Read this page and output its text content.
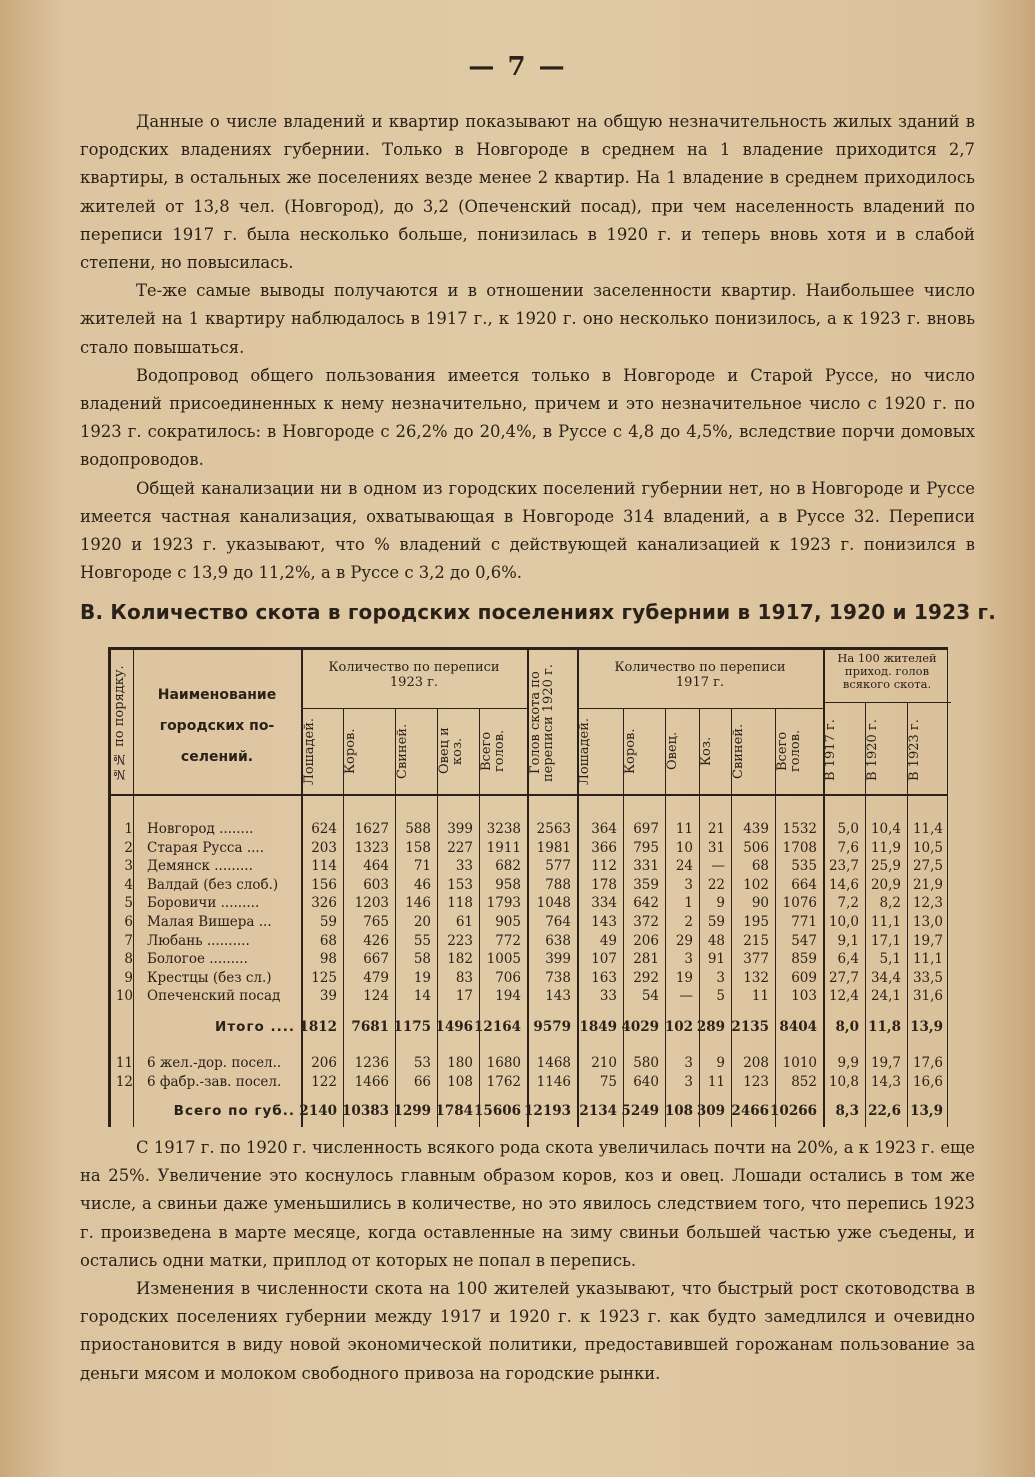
— 7 —

Данные о числе владений и квартир показывают на общую незначительность жилых зданий в городских владениях губернии. Только в Новгороде в среднем на 1 владение приходится 2,7 квартиры, в остальных же поселениях везде менее 2 квартир. На 1 владение в среднем приходилось жителей от 13,8 чел. (Новгород), до 3,2 (Опеченский посад), при чем населенность владений по переписи 1917 г. была несколько больше, понизилась в 1920 г. и теперь вновь хотя и в слабой степени, но повысилась.

Те-же самые выводы получаются и в отношении заселенности квартир. Наибольшее число жителей на 1 квартиру наблюдалось в 1917 г., к 1920 г. оно несколько понизилось, а к 1923 г. вновь стало повышаться.

Водопровод общего пользования имеется только в Новгороде и Старой Руссе, но число владений присоединенных к нему незначительно, причем и это незначительное число с 1920 г. по 1923 г. сократилось: в Новгороде с 26,2% до 20,4%, в Руссе с 4,8 до 4,5%, вследствие порчи домовых водопроводов.

Общей канализации ни в одном из городских поселений губернии нет, но в Новгороде и Руссе имеется частная канализация, охватывающая в Новгороде 314 владений, а в Руссе 32. Переписи 1920 и 1923 г. указывают, что % владений с действующей канализацией к 1923 г. понизился в Новгороде с 13,9 до 11,2%, а в Руссе с 3,2 до 0,6%.

В. Количество скота в городских поселениях губернии в 1917, 1920 и 1923 г.
№№ по порядку.	Наименование
городских по-
селений.
Количество по переписи
1923 г.
Голов скота по
переписи 1920 г.	Количество по переписи
1917 г.
На 100 жителей
приход. голов
всякого скота.
Лошадей.	Коров.	Свиней.	Овец и
коз.	Всего
голов.	Лошадей.	Коров.	Овец.	Коз.	Свиней.	Всего
голов.	В 1917 г.	В 1920 г.	В 1923 г.
1 Новгород ........	624 1627 588 399 3238 2563 364 697 11 21 439 1532 5,0 10,4 11,4
2 Старая Русса ....	203 1323 158 227 1911 1981 366 795 10 31 506 1708 7,6 11,9 10,5
3 Демянск .........	114 464 71 33 682 577 112 331 24 — 68 535 23,7 25,9 27,5
4 Валдай (без слоб.)	156 603 46 153 958 788 178 359 3 22 102 664 14,6 20,9 21,9
5 Боровичи .........	326 1203 146 118 1793 1048 334 642 1 9 90 1076 7,2 8,2 12,3
6 Малая Вишера ...	59 765 20 61 905 764 143 372 2 59 195 771 10,0 11,1 13,0
7 Любань ..........	68 426 55 223 772 638 49 206 29 48 215 547 9,1 17,1 19,7
8 Бологое .........	98 667 58 182 1005 399 107 281 3 91 377 859 6,4 5,1 11,1
9 Крестцы (без сл.)	125 479 19 83 706 738 163 292 19 3 132 609 27,7 34,4 33,5
10 Опеченский посад	39 124 14 17 194 143 33 54 — 5 11 103 12,4 24,1 31,6
Итого .... 1812 7681 1175 1496 12164 9579 1849 4029 102 289 2135 8404 8,0 11,8 13,9
11 6 жел.-дор. посел..	206 1236 53 180 1680 1468 210 580 3 9 208 1010 9,9 19,7 17,6
12 6 фабр.-зав. посел.	122 1466 66 108 1762 1146 75 640 3 11 123 852 10,8 14,3 16,6
Всего по губ.. 2140 10383 1299 1784 15606 12193 2134 5249 108 309 2466 10266 8,3 22,6 13,9

С 1917 г. по 1920 г. численность всякого рода скота увеличилась почти на 20%, а к 1923 г. еще на 25%. Увеличение это коснулось главным образом коров, коз и овец. Лошади остались в том же числе, а свиньи даже уменьшились в количестве, но это явилось следствием того, что перепись 1923 г. произведена в марте месяце, когда оставленные на зиму свиньи большей частью уже съедены, и остались одни матки, приплод от которых не попал в перепись.

Изменения в численности скота на 100 жителей указывают, что быстрый рост скотоводства в городских поселениях губернии между 1917 и 1920 г. к 1923 г. как будто замедлился и очевидно приостановится в виду новой экономической политики, предоставившей горожанам пользование за деньги мясом и молоком свободного привоза на городские рынки.
